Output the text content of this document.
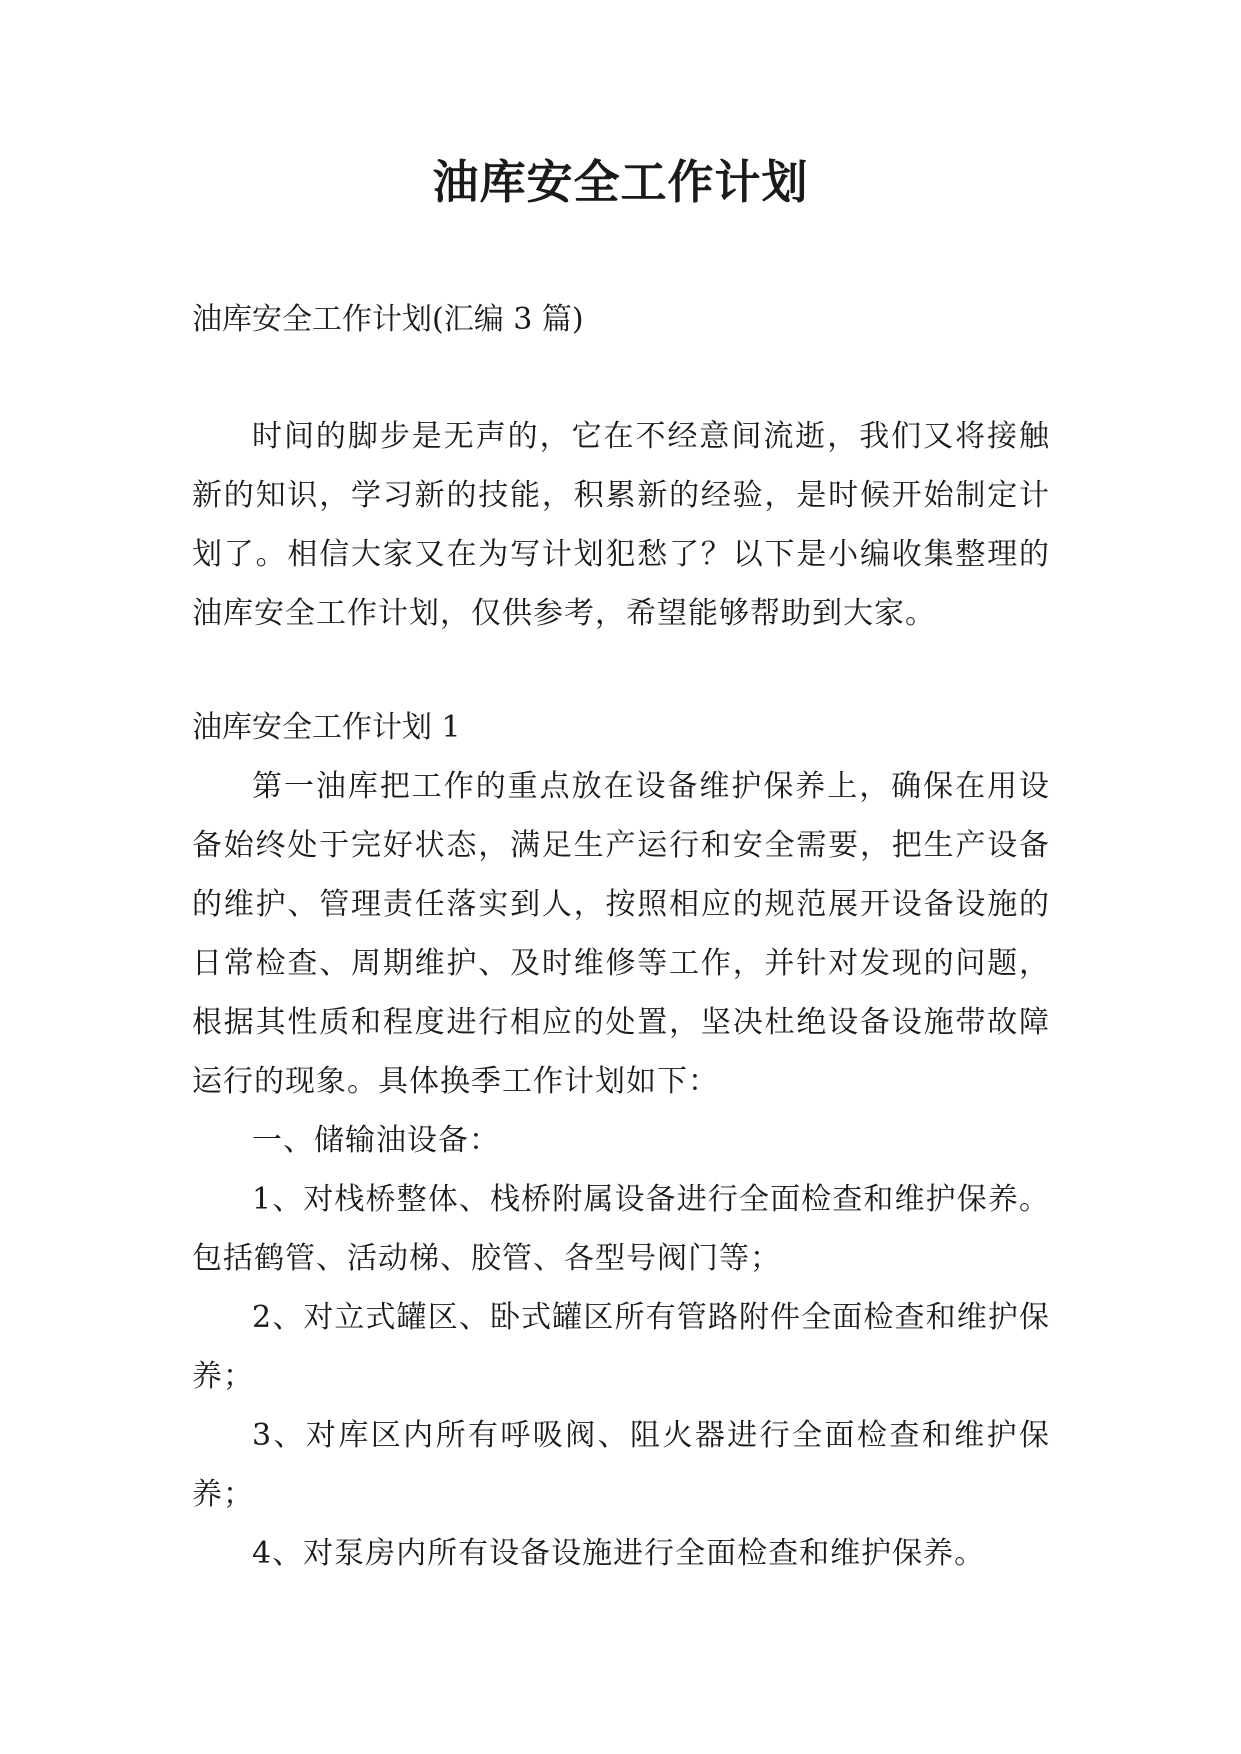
油库安全工作计划
油库安全工作计划(汇编 3 篇)

时间的脚步是无声的，它在不经意间流逝，我们又将接触新的知识，学习新的技能，积累新的经验，是时候开始制定计划了。相信大家又在为写计划犯愁了？以下是小编收集整理的油库安全工作计划，仅供参考，希望能够帮助到大家。

油库安全工作计划 1

第一油库把工作的重点放在设备维护保养上，确保在用设备始终处于完好状态，满足生产运行和安全需要，把生产设备的维护、管理责任落实到人，按照相应的规范展开设备设施的日常检查、周期维护、及时维修等工作，并针对发现的问题，根据其性质和程度进行相应的处置，坚决杜绝设备设施带故障运行的现象。具体换季工作计划如下：

一、储输油设备：

1、对栈桥整体、栈桥附属设备进行全面检查和维护保养。包括鹤管、活动梯、胶管、各型号阀门等；

2、对立式罐区、卧式罐区所有管路附件全面检查和维护保养；

3、对库区内所有呼吸阀、阻火器进行全面检查和维护保养；

4、对泵房内所有设备设施进行全面检查和维护保养。
